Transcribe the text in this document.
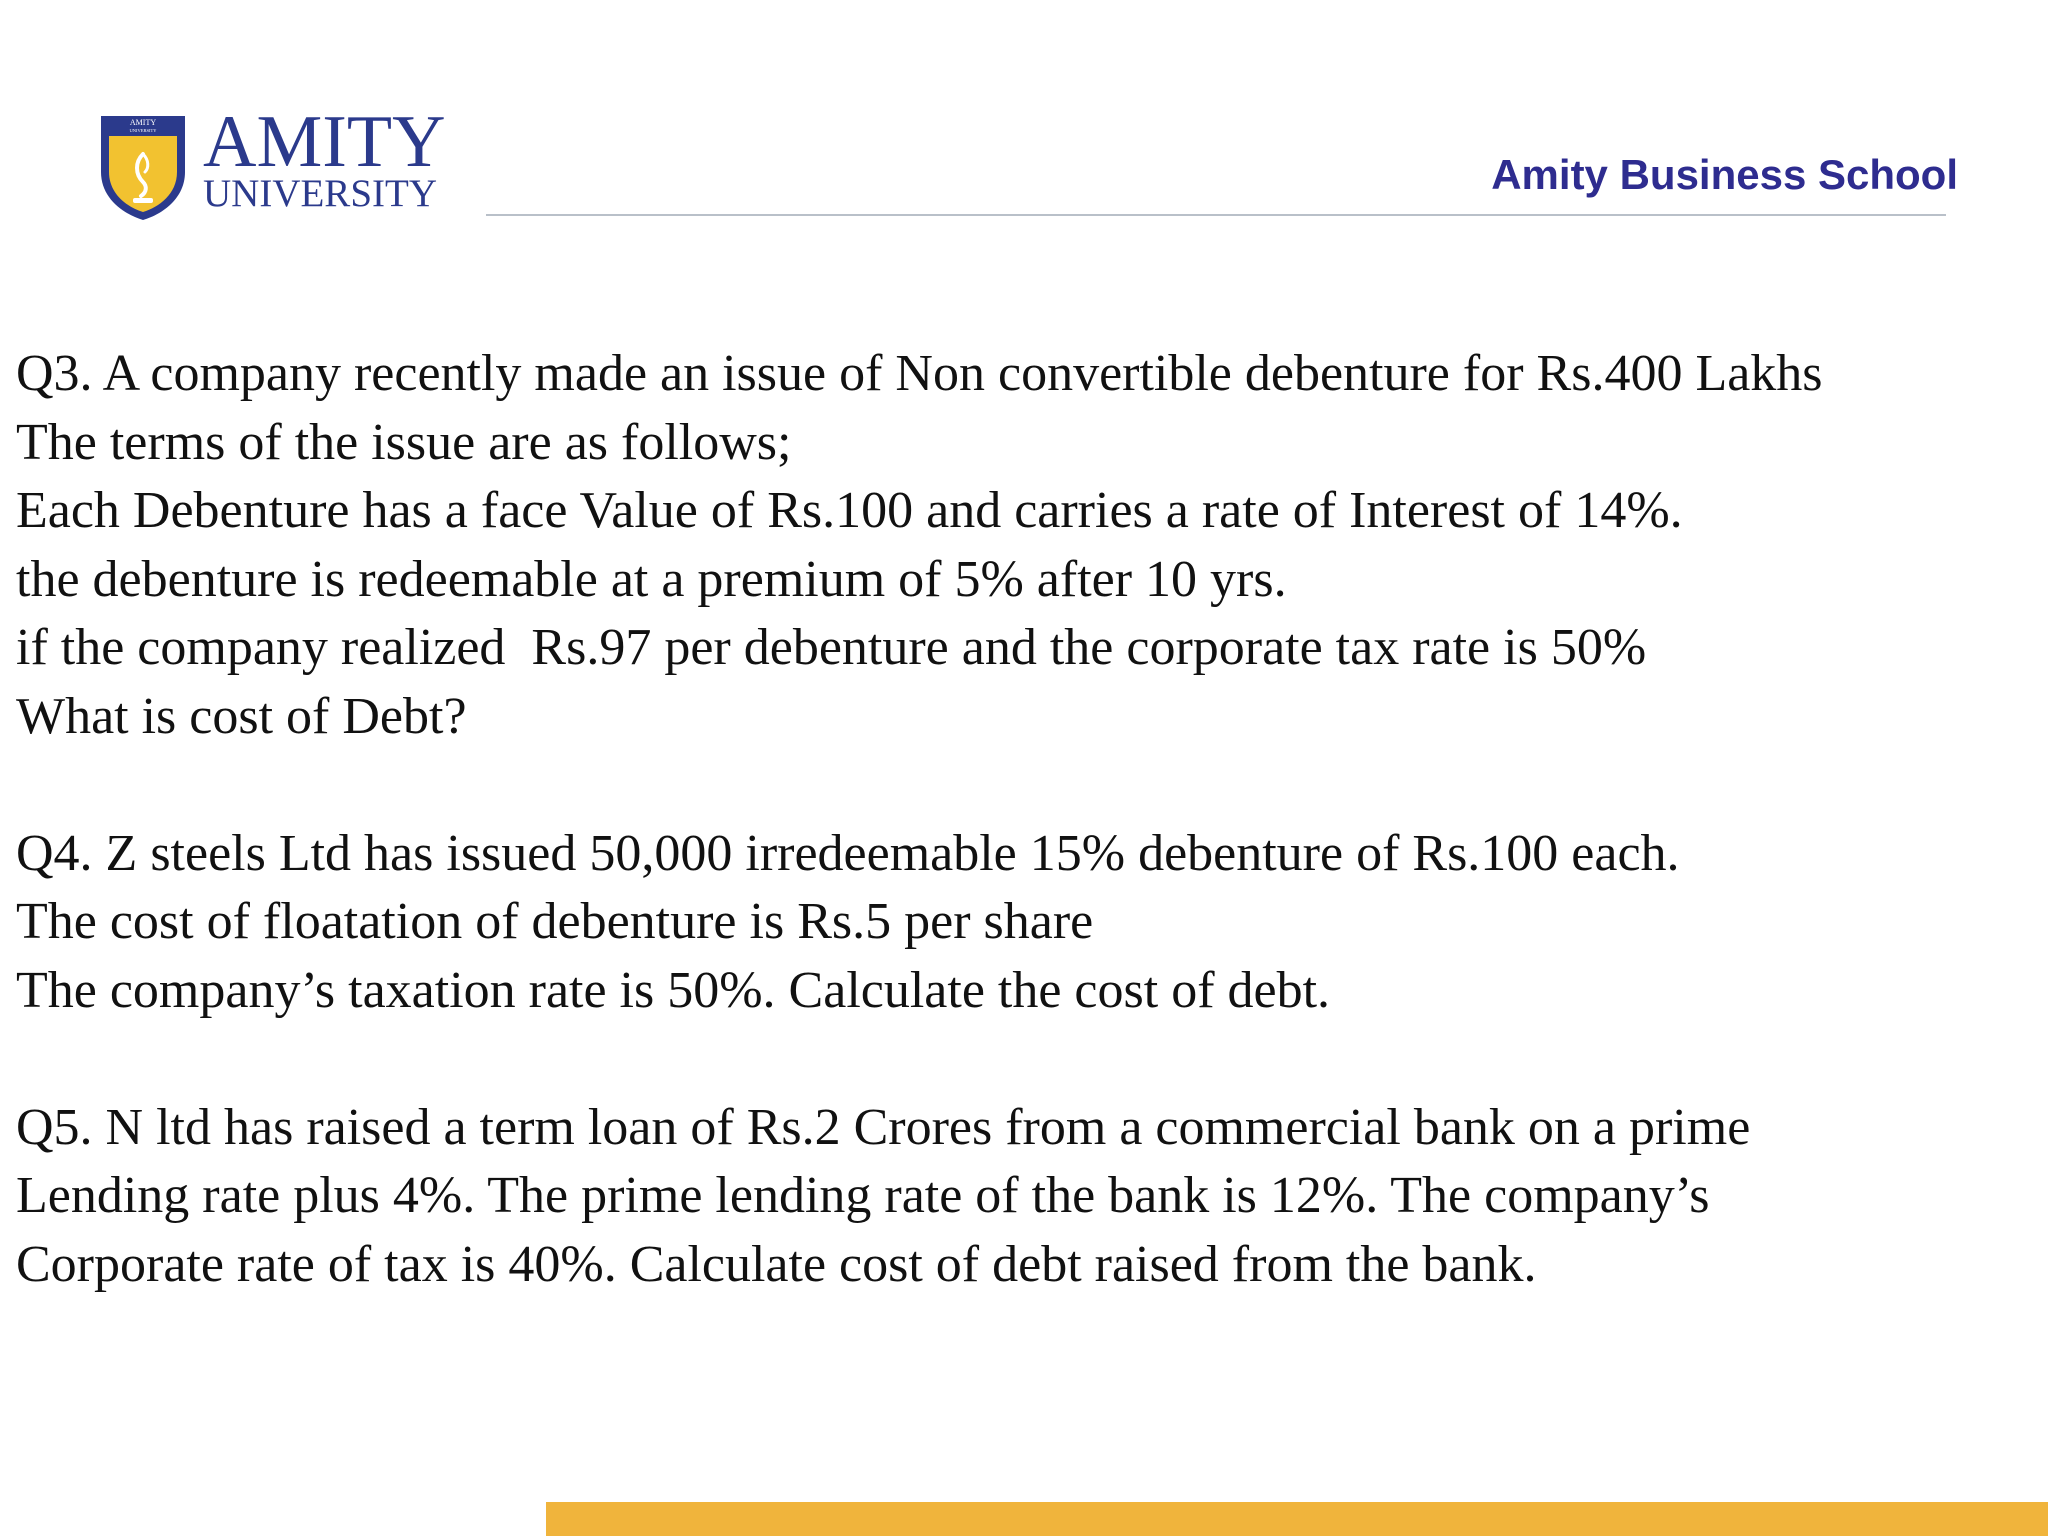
AMITY
UNIVERSITY AMITY
UNIVERSITY	Amity Business School
Q3. A company recently made an issue of Non convertible debenture for Rs.400 Lakhs
The terms of the issue are as follows;
Each Debenture has a face Value of Rs.100 and carries a rate of Interest of 14%.
the debenture is redeemable at a premium of 5% after 10 yrs.
if the company realized  Rs.97 per debenture and the corporate tax rate is 50%
What is cost of Debt?
Q4. Z steels Ltd has issued 50,000 irredeemable 15% debenture of Rs.100 each.
The cost of floatation of debenture is Rs.5 per share
The company’s taxation rate is 50%. Calculate the cost of debt.
Q5. N ltd has raised a term loan of Rs.2 Crores from a commercial bank on a prime
Lending rate plus 4%. The prime lending rate of the bank is 12%. The company’s
Corporate rate of tax is 40%. Calculate cost of debt raised from the bank.
